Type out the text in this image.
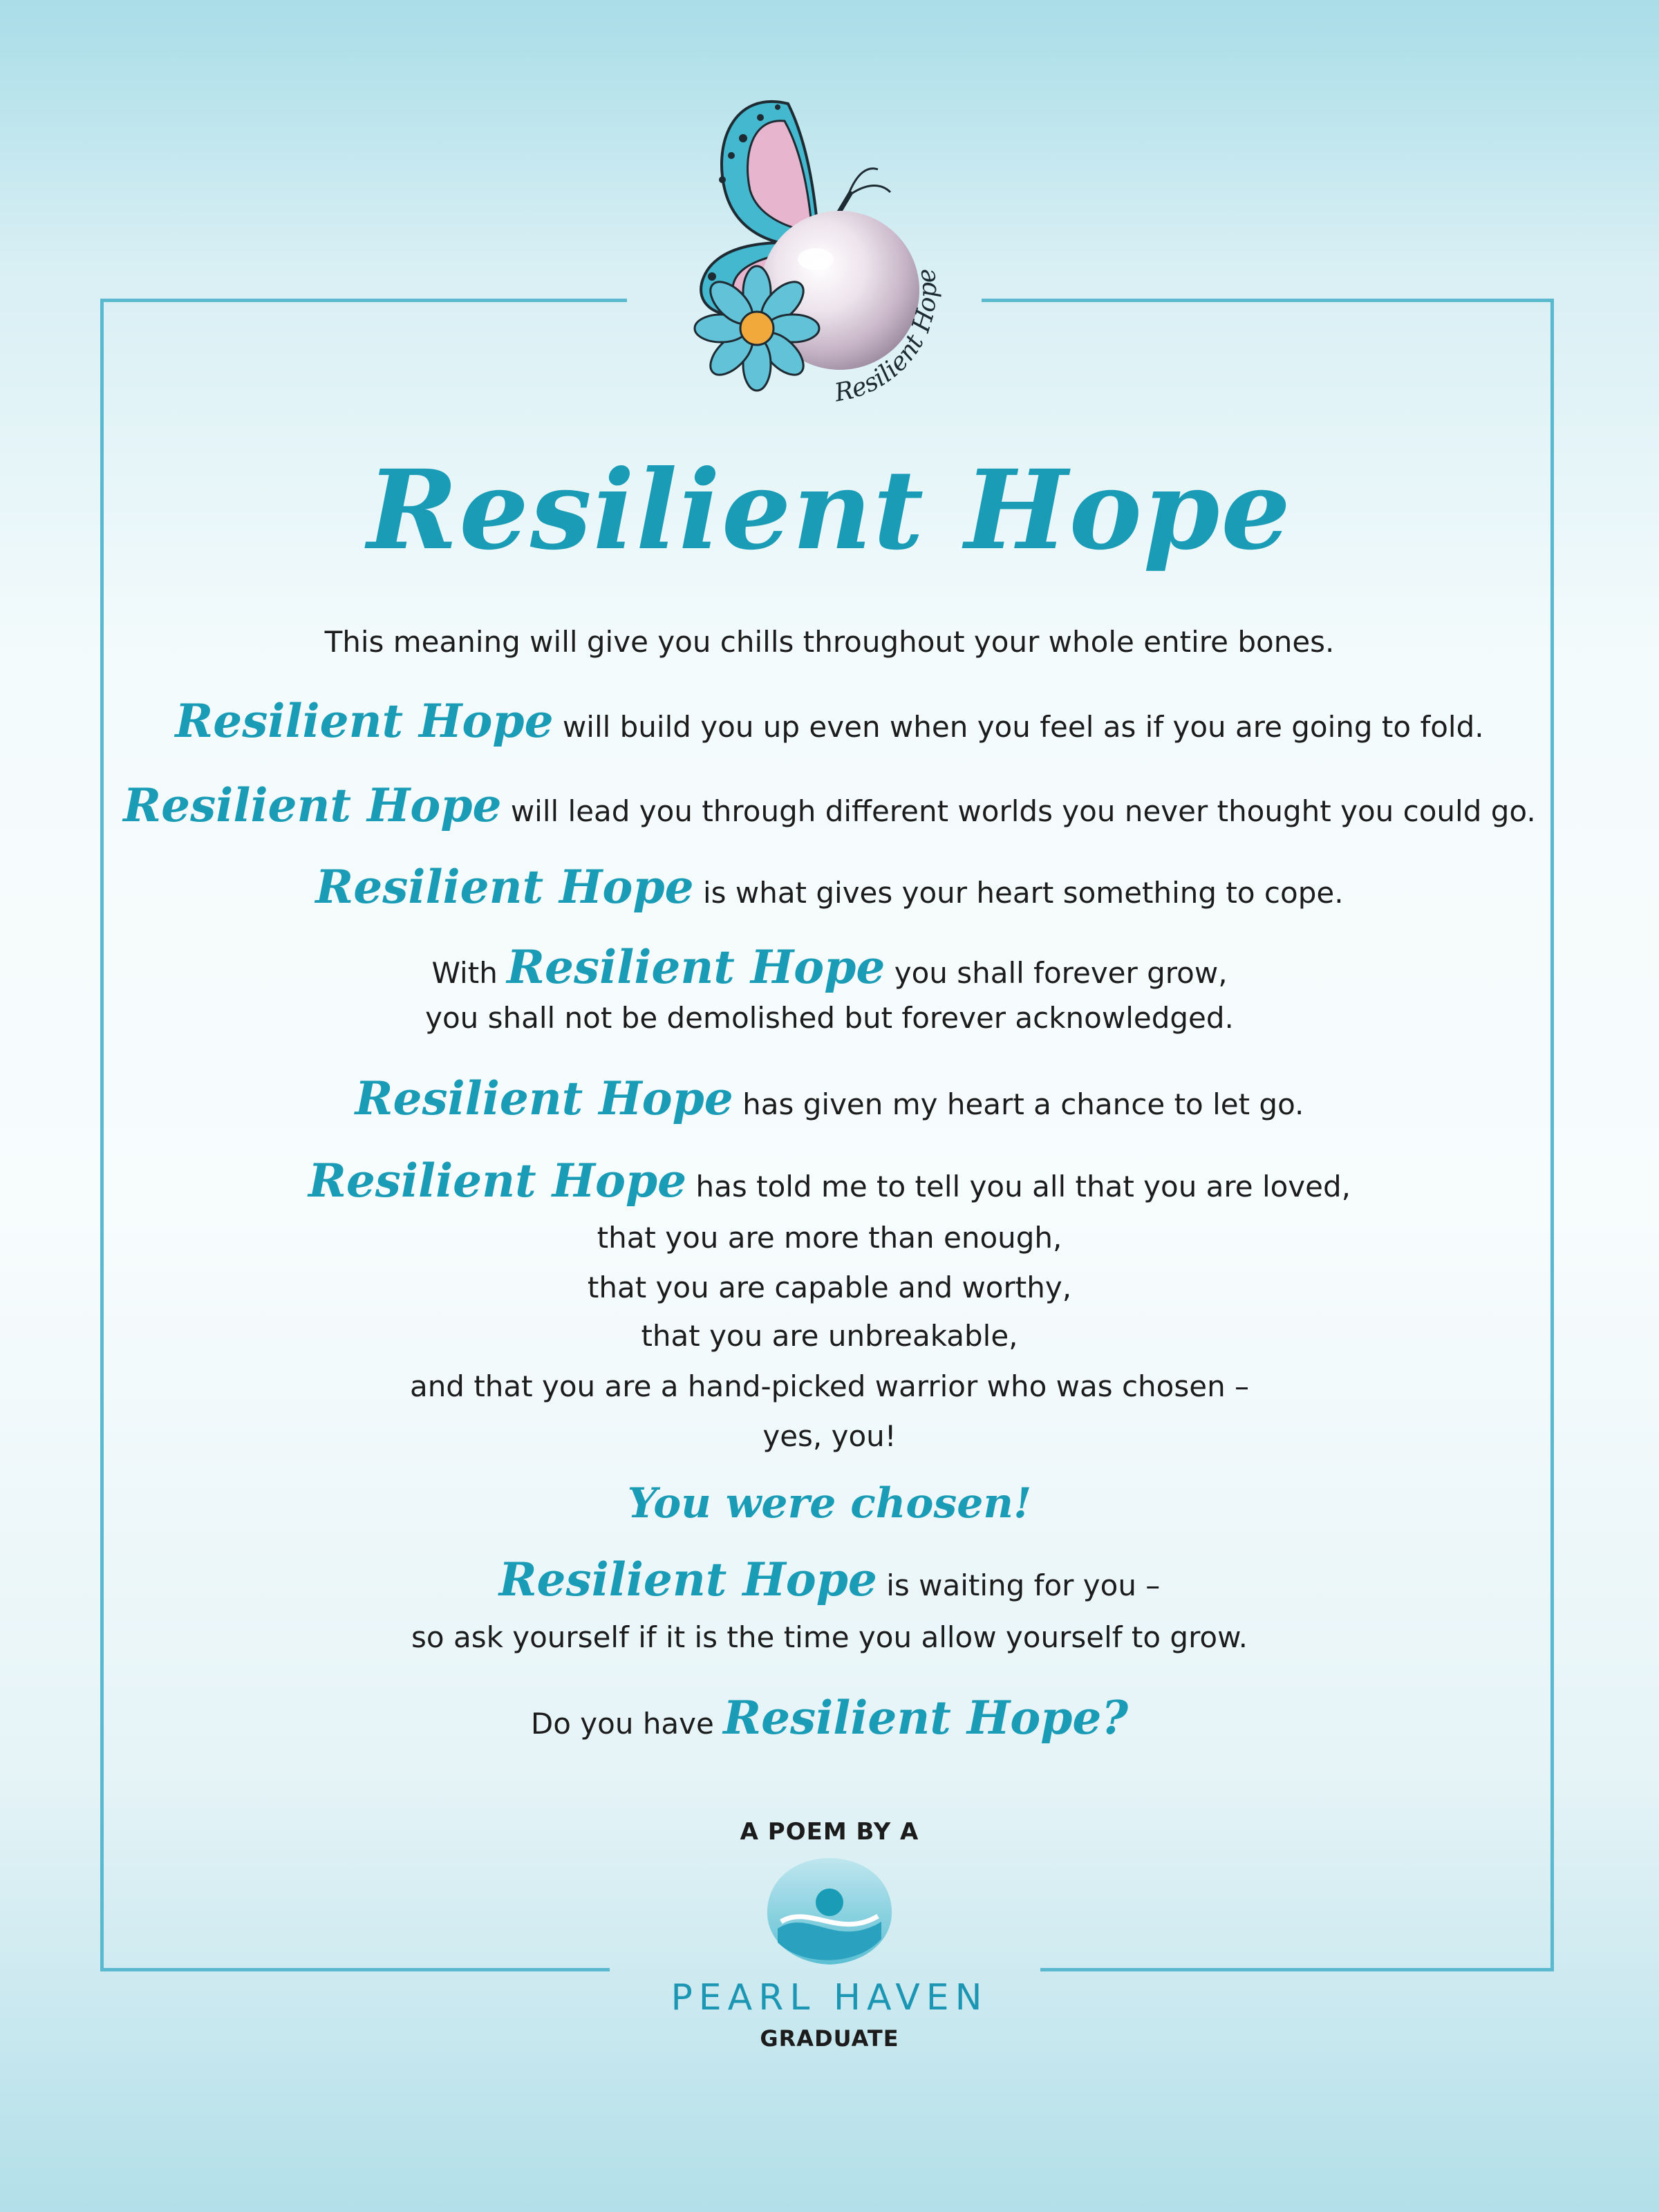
Resilient Hope
Resilient Hope
This meaning will give you chills throughout your whole entire bones.
Resilient Hope will build you up even when you feel as if you are going to fold.
Resilient Hope will lead you through different worlds you never thought you could go.
Resilient Hope is what gives your heart something to cope.
With Resilient Hope you shall forever grow,
you shall not be demolished but forever acknowledged.
Resilient Hope has given my heart a chance to let go.
Resilient Hope has told me to tell you all that you are loved,
that you are more than enough,
that you are capable and worthy,
that you are unbreakable,
and that you are a hand-picked warrior who was chosen –
yes, you!
You were chosen!
Resilient Hope is waiting for you –
so ask yourself if it is the time you allow yourself to grow.
Do you have Resilient Hope?
A POEM BY A
PEARL HAVEN
GRADUATE
